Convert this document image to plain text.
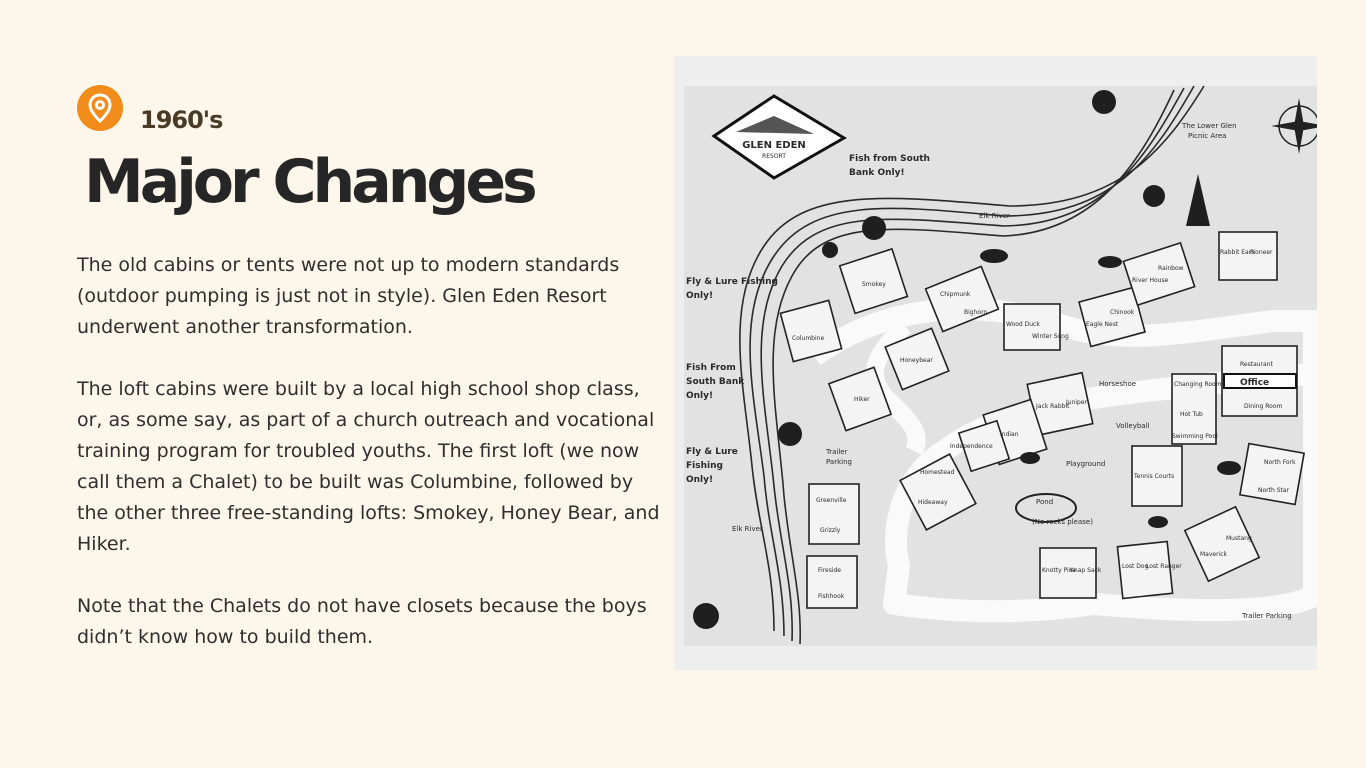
1960's
Major Changes

The old cabins or tents were not up to modern standards (outdoor pumping is just not in style). Glen Eden Resort underwent another transformation.

The loft cabins were built by a local high school shop class, or, as some say, as part of a church outreach and vocational training program for troubled youths. The first loft (we now call them a Chalet) to be built was Columbine, followed by the other three free-standing lofts: Smokey, Honey Bear, and Hiker.

Note that the Chalets do not have closets because the boys didn’t know how to build them.

GLEN EDEN
RESORT	Fish from South
Bank Only!
Fly & Lure Fishing
Only!
Fish From
South Bank
Only!
Fly & Lure
Fishing
Only!
The Lower Glen
Picnic Area
Elk River
Elk River
Trailer
Parking
Trailer Parking
Pond
(No rocks please)
Horseshoe
Volleyball
Playground
Smokey
Columbine
Chipmunk
Bighorn
Wood Duck
Winter Song
Eagle Nest
Chinook
River House
Rainbow
Rabbit Ears
Pioneer
Honeybear
Hiker
Restaurant
Office
Dining Room
Changing Rooms
Hot Tub
Swimming Pool
Jack Rabbit
Juniper
Independence
Indian
Homestead
Hideaway
Tennis Courts
North Fork
North Star
Mustang
Maverick
Greenville
Grizzly
Fireside
Fishhook
Knotty Pine
Knap Sack
Lost Dog
Lost Ranger
